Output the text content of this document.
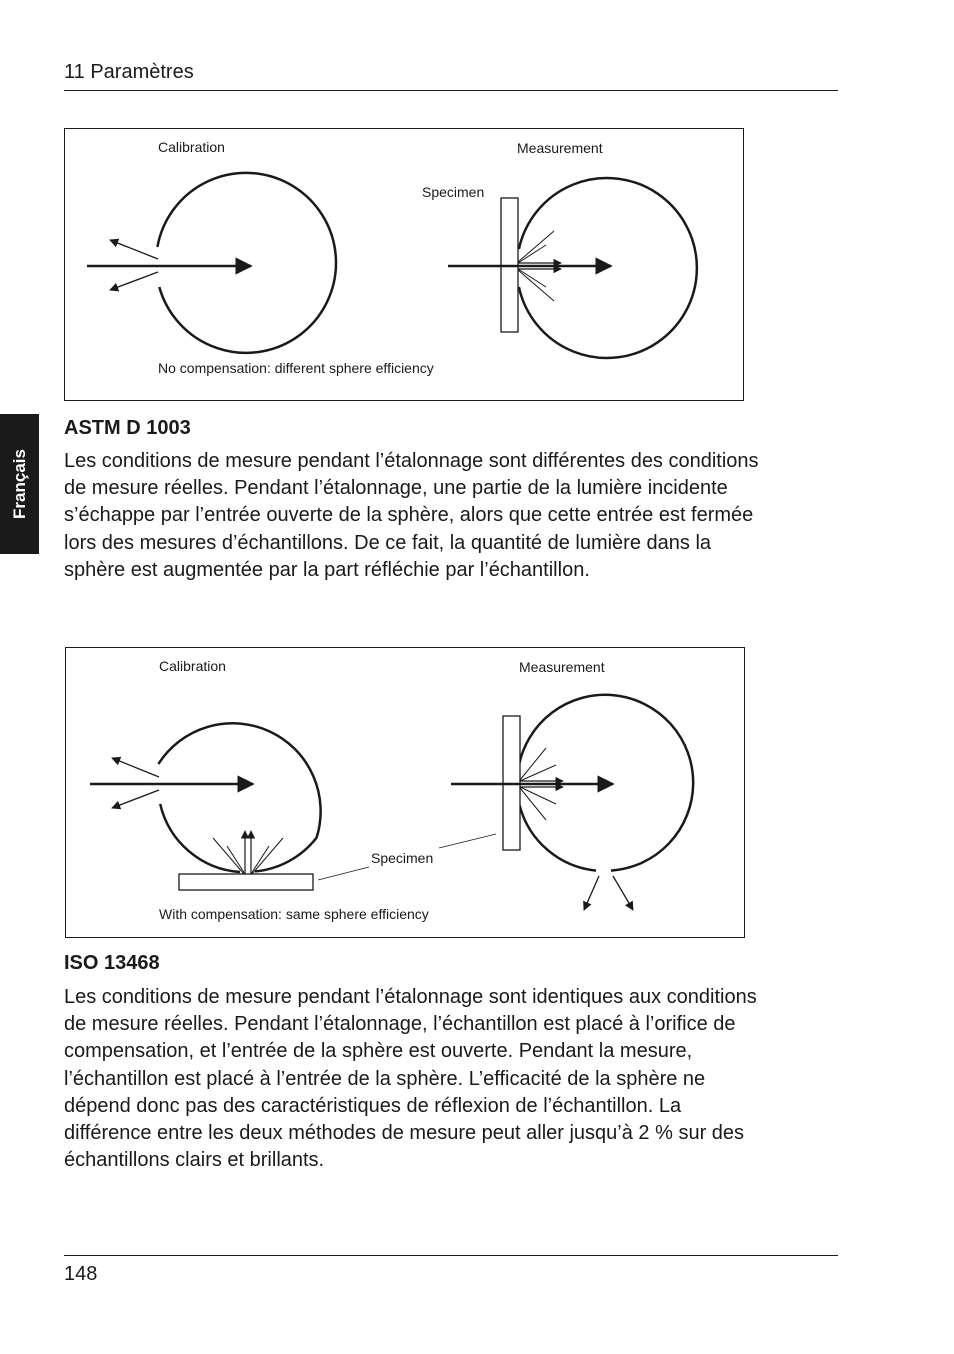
11 Paramètres
Français
Calibration	Measurement
Specimen
No compensation: different sphere efficiency
ASTM D 1003
Les conditions de mesure pendant l’étalonnage sont différentes des conditions
de mesure réelles. Pendant l’étalonnage, une partie de la lumière incidente
s’échappe par l’entrée ouverte de la sphère, alors que cette entrée est fermée
lors des mesures d’échantillons. De ce fait, la quantité de lumière dans la
sphère est augmentée par la part réfléchie par l’échantillon.
Calibration	Measurement
Specimen
With compensation: same sphere efficiency
ISO 13468
Les conditions de mesure pendant l’étalonnage sont identiques aux conditions
de mesure réelles. Pendant l’étalonnage, l’échantillon est placé à l’orifice de
compensation, et l’entrée de la sphère est ouverte. Pendant la mesure,
l’échantillon est placé à l’entrée de la sphère. L’efficacité de la sphère ne
dépend donc pas des caractéristiques de réflexion de l’échantillon. La
différence entre les deux méthodes de mesure peut aller jusqu’à 2 % sur des
échantillons clairs et brillants.
148
